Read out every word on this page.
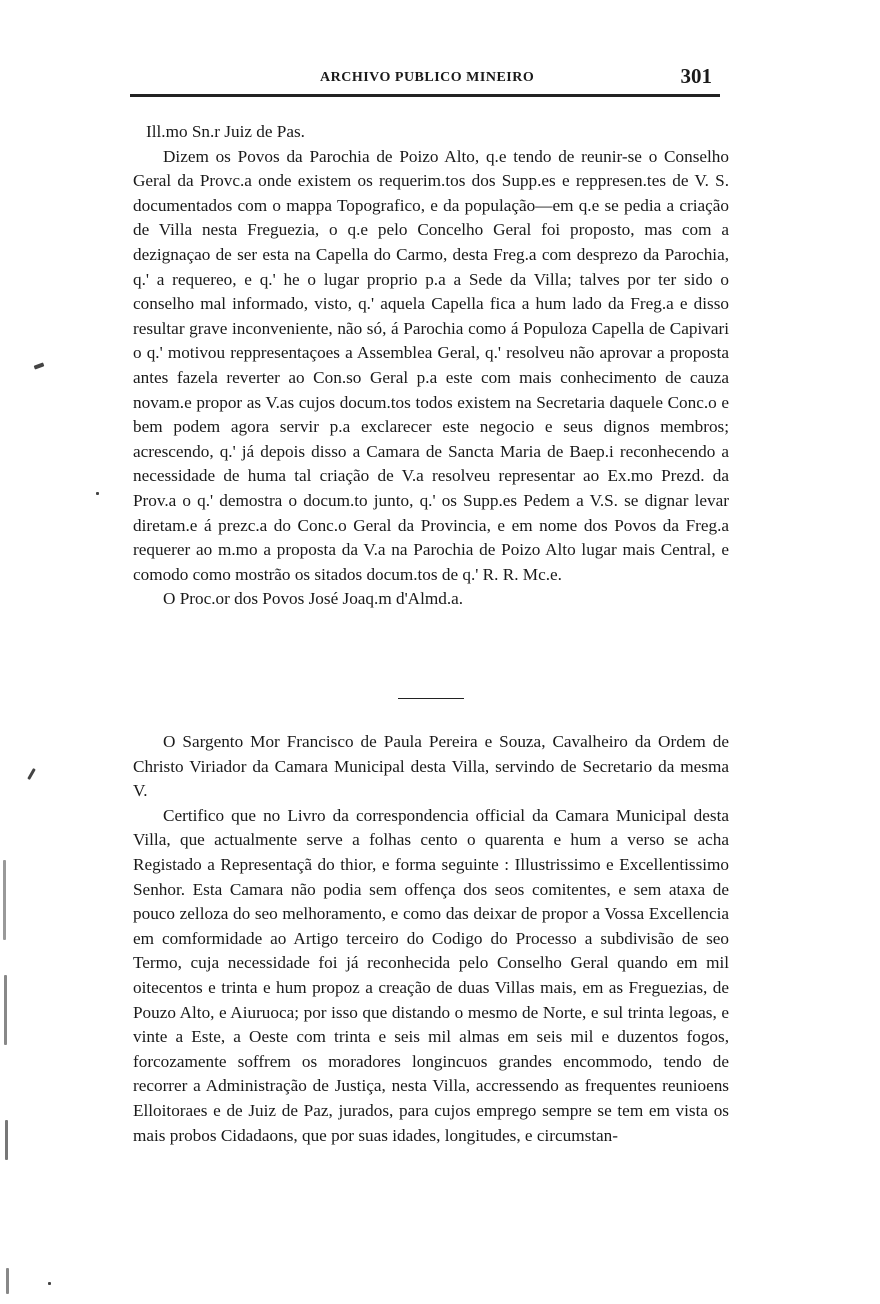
ARCHIVO PUBLICO MINEIRO	301

Ill.mo Sn.r Juiz de Pas.

Dizem os Povos da Parochia de Poizo Alto, q.e tendo de reunir-se o Conselho Geral da Provc.a onde existem os requerim.tos dos Supp.es e reppresen.tes de V. S. documentados com o mappa Topografico, e da população—em q.e se pedia a criação de Villa nesta Freguezia, o q.e pelo Concelho Geral foi proposto, mas com a dezignaçao de ser esta na Capella do Carmo, desta Freg.a com desprezo da Parochia, q.' a requereo, e q.' he o lugar proprio p.a a Sede da Villa; talves por ter sido o conselho mal informado, visto, q.' aquela Capella fica a hum lado da Freg.a e disso resultar grave inconveniente, não só, á Parochia como á Populoza Capella de Capivari o q.' motivou reppresentaçoes a Assemblea Geral, q.' resolveu não aprovar a proposta antes fazela reverter ao Con.so Geral p.a este com mais conhecimento de cauza novam.e propor as V.as cujos docum.tos todos existem na Secretaria daquele Conc.o e bem podem agora servir p.a exclarecer este negocio e seus dignos membros; acrescendo, q.' já depois disso a Camara de Sancta Maria de Baep.i reconhecendo a necessidade de huma tal criação de V.a resolveu representar ao Ex.mo Prezd. da Prov.a o q.' demostra o docum.to junto, q.' os Supp.es Pedem a V.S. se dignar levar diretam.e á prezc.a do Conc.o Geral da Provincia, e em nome dos Povos da Freg.a requerer ao m.mo a proposta da V.a na Parochia de Poizo Alto lugar mais Central, e comodo como mostrão os sitados docum.tos de q.' R. R. Mc.e.

O Proc.or dos Povos José Joaq.m d'Almd.a.

O Sargento Mor Francisco de Paula Pereira e Souza, Cavalheiro da Ordem de Christo Viriador da Camara Municipal desta Villa, servindo de Secretario da mesma V.

Certifico que no Livro da correspondencia official da Camara Municipal desta Villa, que actualmente serve a folhas cento o quarenta e hum a verso se acha Registado a Representaçã do thior, e forma seguinte : Illustrissimo e Excellentissimo Senhor. Esta Camara não podia sem offença dos seos comitentes, e sem ataxa de pouco zelloza do seo melhoramento, e como das deixar de propor a Vossa Excellencia em comformidade ao Artigo terceiro do Codigo do Processo a subdivisão de seo Termo, cuja necessidade foi já reconhecida pelo Conselho Geral quando em mil oitecentos e trinta e hum propoz a creação de duas Villas mais, em as Freguezias, de Pouzo Alto, e Aiuruoca; por isso que distando o mesmo de Norte, e sul trinta legoas, e vinte a Este, a Oeste com trinta e seis mil almas em seis mil e duzentos fogos, forcozamente soffrem os moradores longincuos grandes encommodo, tendo de recorrer a Administração de Justiça, nesta Villa, accressendo as frequentes reunioens Elloitoraes e de Juiz de Paz, jurados, para cujos emprego sempre se tem em vista os mais probos Cidadaons, que por suas idades, longitudes, e circumstan-
